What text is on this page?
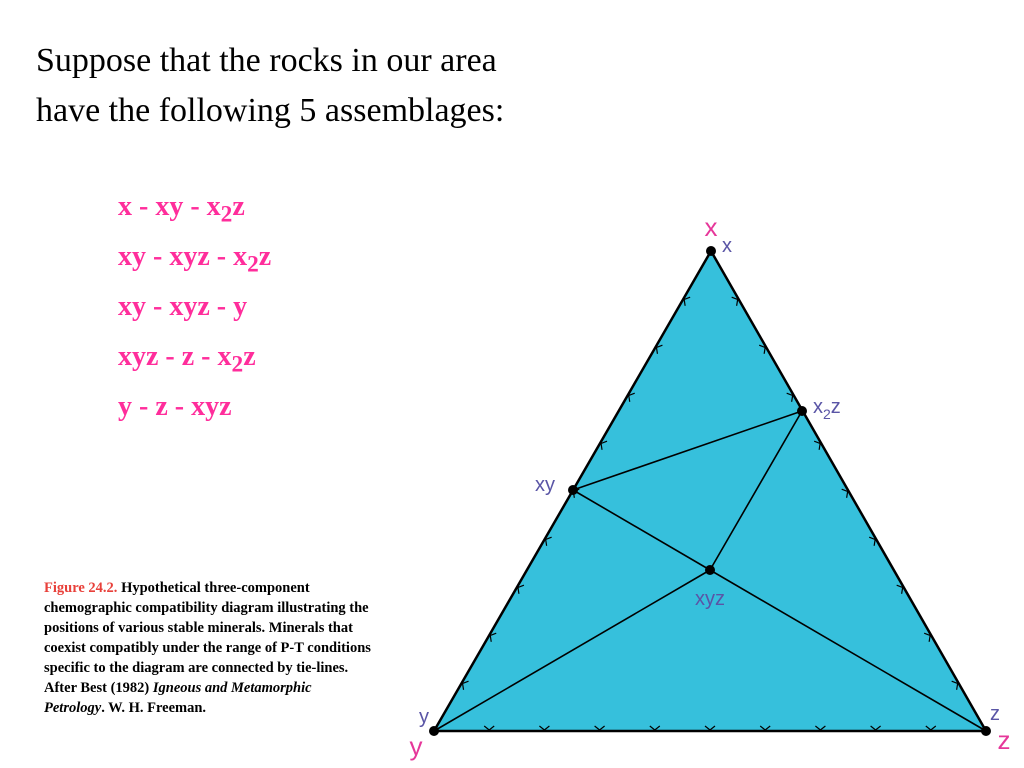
Suppose that the rocks in our area have the following 5 assemblages:

x - xy - $x_2z$

xy - xyz - $x_2z$

xy - xyz - y

xyz - z - $x_2z$

y - z - xyz

Figure 24.2. Hypothetical three-component chemographic compatibility diagram illustrating the positions of various stable minerals. Minerals that coexist compatibly under the range of P-T conditions specific to the diagram are connected by tie-lines. After Best (1982) Igneous and Metamorphic Petrology. W. H. Freeman.

x
y	z
x
$x_2z$
xy
xyz
y	z
